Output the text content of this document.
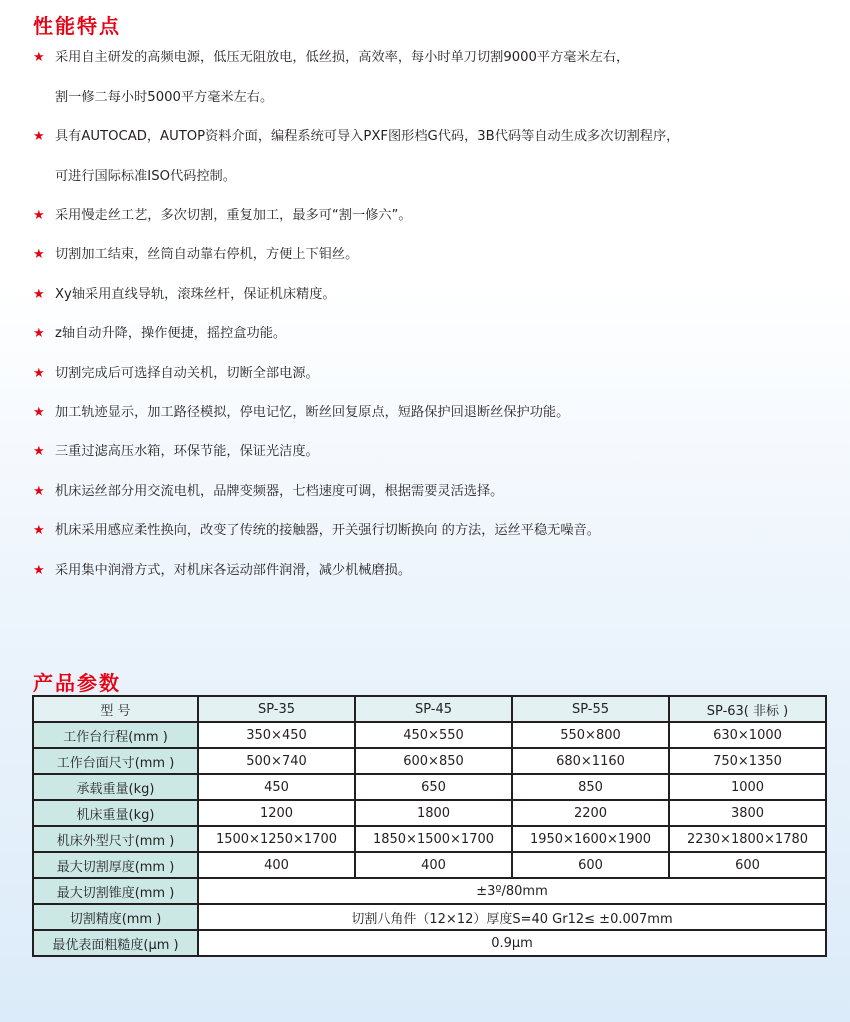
性能特点
★ 采用自主研发的高频电源，低压无阻放电，低丝损，高效率，每小时单刀切割9000平方毫米左右，
割一修二每小时5000平方毫米左右。
★ 具有AUTOCAD，AUTOP资料介面，编程系统可导入PXF图形档G代码，3B代码等自动生成多次切割程序，
可进行国际标准ISO代码控制。
★ 采用慢走丝工艺，多次切割，重复加工，最多可“割一修六”。
★ 切割加工结束，丝筒自动靠右停机，方便上下钼丝。
★ Xy轴采用直线导轨，滚珠丝杆，保证机床精度。
★ z轴自动升降，操作便捷，摇控盒功能。
★ 切割完成后可选择自动关机，切断全部电源。
★ 加工轨迹显示，加工路径模拟，停电记忆，断丝回复原点，短路保护回退断丝保护功能。
★ 三重过滤高压水箱，环保节能，保证光洁度。
★ 机床运丝部分用交流电机，品牌变频器，七档速度可调，根据需要灵活选择。
★ 机床采用感应柔性换向，改变了传统的接触器，开关强行切断换向 的方法，运丝平稳无噪音。
★ 采用集中润滑方式，对机床各运动部件润滑，减少机械磨损。
产品参数
型 号	SP-35	SP-45	SP-55	SP-63( 非标 )
工作台行程(mm )	350×450	450×550	550×800	630×1000
工作台面尺寸(mm )	500×740	600×850	680×1160	750×1350
承载重量(kg)	450	650	850	1000
机床重量(kg)	1200	1800	2200	3800
机床外型尺寸(mm )	1500×1250×1700	1850×1500×1700	1950×1600×1900	2230×1800×1780
最大切割厚度(mm )	400	400	600	600
最大切割锥度(mm )	±3º/80mm			
切割精度(mm )	切割八角件（12×12）厚度S=40 Gr12≤ ±0.007mm			
最优表面粗糙度(μm )	0.9μm			
